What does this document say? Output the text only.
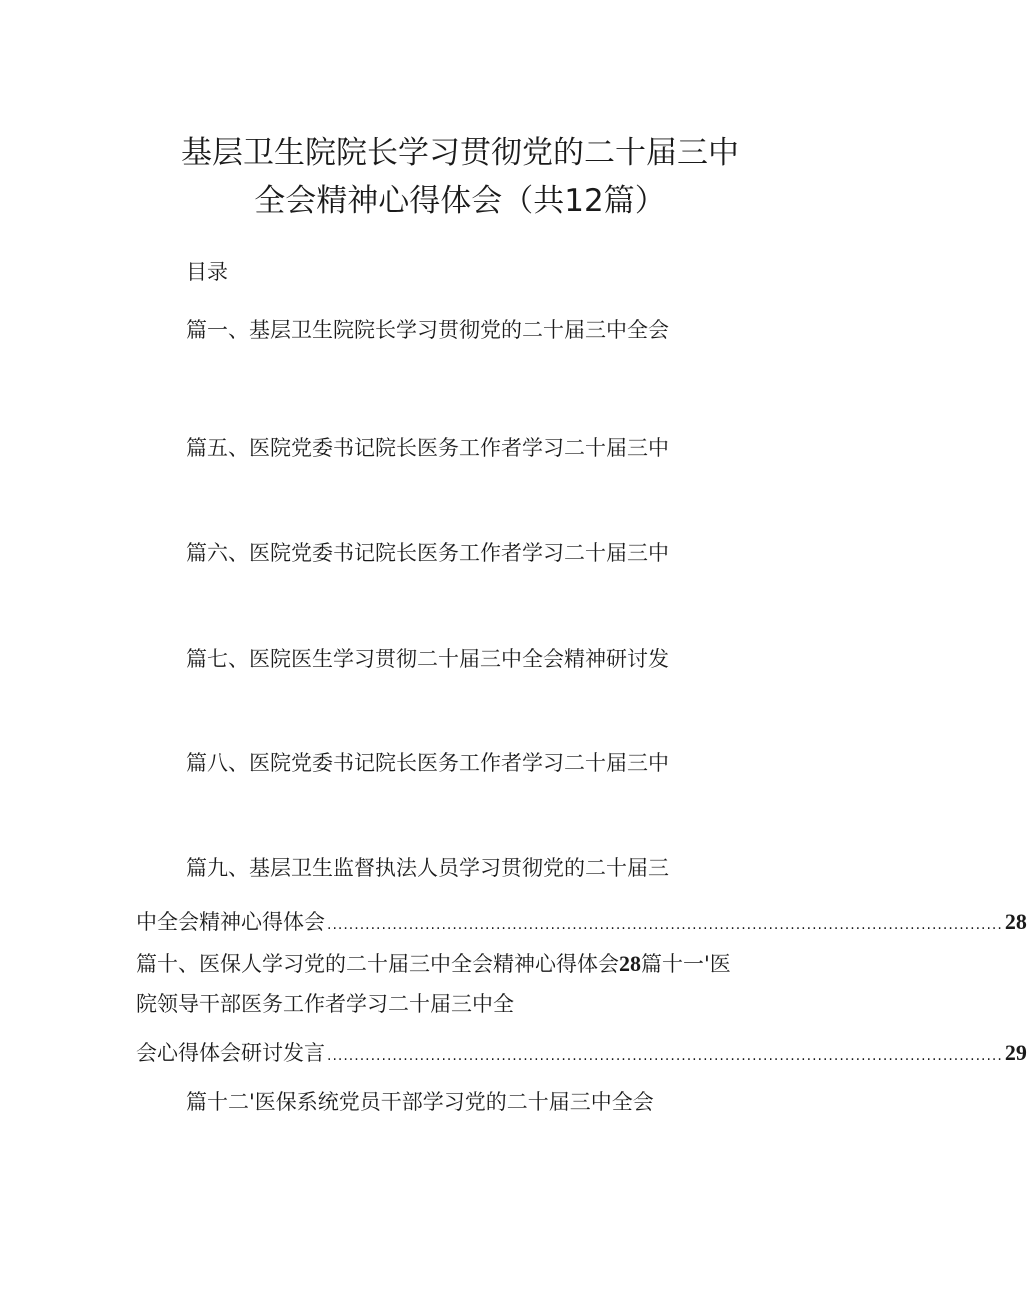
基层卫生院院长学习贯彻党的二十届三中
全会精神心得体会（共12篇）
目录
篇一、基层卫生院院长学习贯彻党的二十届三中全会
篇五、医院党委书记院长医务工作者学习二十届三中
篇六、医院党委书记院长医务工作者学习二十届三中
篇七、医院医生学习贯彻二十届三中全会精神研讨发
篇八、医院党委书记院长医务工作者学习二十届三中
篇九、基层卫生监督执法人员学习贯彻党的二十届三
中全会精神心得体会 ............................................................................................................................ 28
篇十、医保人学习党的二十届三中全会精神心得体会28篇十一'医
院领导干部医务工作者学习二十届三中全
会心得体会研讨发言 ............................................................................................................................ 29
篇十二'医保系统党员干部学习党的二十届三中全会
